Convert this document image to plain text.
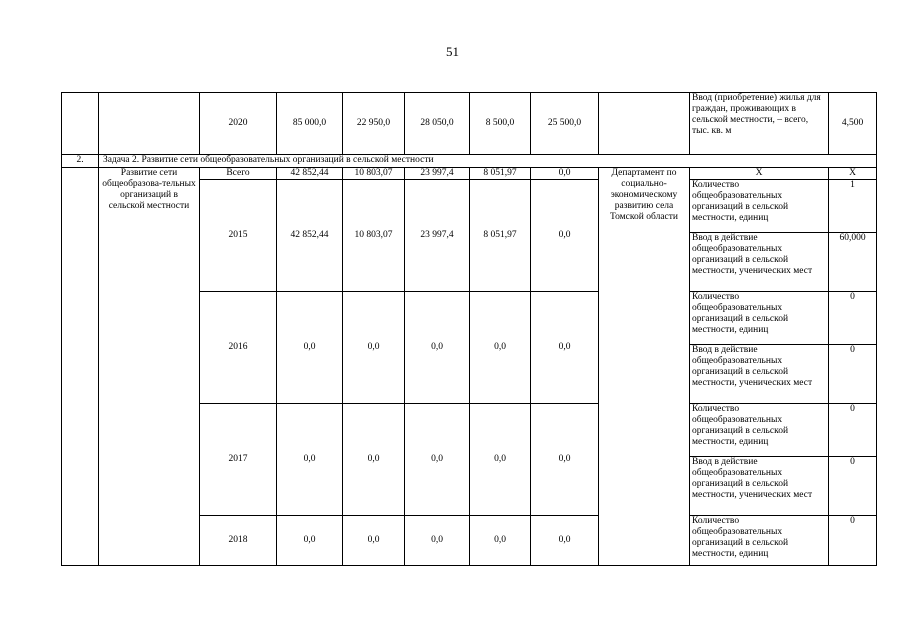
51
		2020	85 000,0	22 950,0	28 050,0	8 500,0	25 500,0		Ввод (приобретение) жилья для граждан, проживающих в сельской местности, – всего, тыс. кв. м	4,500
2.	Задача 2. Развитие сети общеобразовательных организаций в сельской местности									
	Развитие сети общеобразова-тельных организаций в сельской местности	Всего	42 852,44	10 803,07	23 997,4	8 051,97	0,0	Департамент по социально-экономическому развитию села Томской области	Х	Х
		2015	42 852,44	10 803,07	23 997,4	8 051,97	0,0		Количество общеобразовательных организаций в сельской местности, единиц	1
									Ввод в действие общеобразовательных организаций в сельской местности, ученических мест	60,000
		2016	0,0	0,0	0,0	0,0	0,0		Количество общеобразовательных организаций в сельской местности, единиц	0
									Ввод в действие общеобразовательных организаций в сельской местности, ученических мест	0
		2017	0,0	0,0	0,0	0,0	0,0		Количество общеобразовательных организаций в сельской местности, единиц	0
									Ввод в действие общеобразовательных организаций в сельской местности, ученических мест	0
		2018	0,0	0,0	0,0	0,0	0,0		Количество общеобразовательных организаций в сельской местности, единиц	0
